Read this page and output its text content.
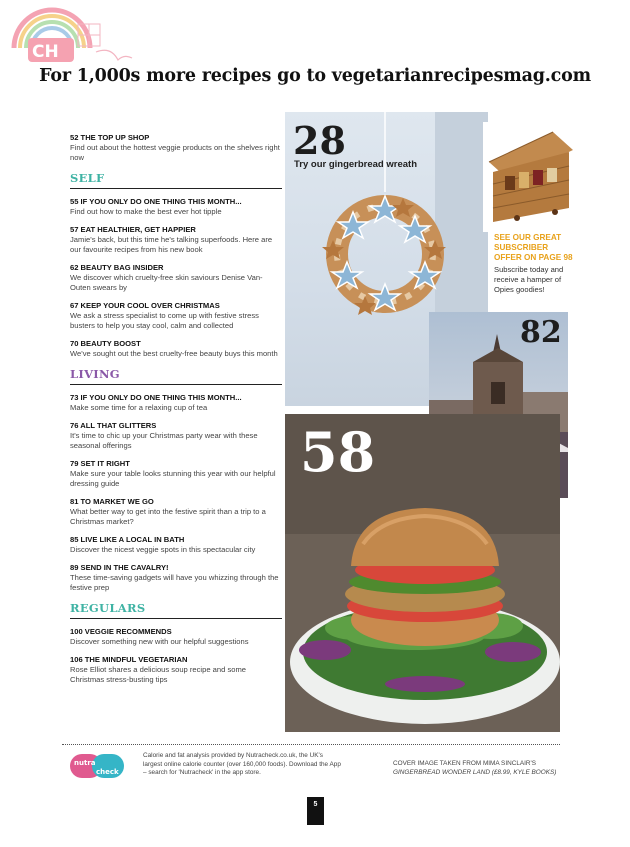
CH
For 1,000s more recipes go to vegetarianrecipesmag.com
52 THE TOP UP SHOP
Find out about the hottest veggie products on the shelves right now
SELF
55 IF YOU ONLY DO ONE THING THIS MONTH...
Find out how to make the best ever hot tipple
57 EAT HEALTHIER, GET HAPPIER
Jamie's back, but this time he's talking superfoods. Here are our favourite recipes from his new book
62 BEAUTY BAG INSIDER
We discover which cruelty-free skin saviours Denise Van-Outen swears by
67 KEEP YOUR COOL OVER CHRISTMAS
We ask a stress specialist to come up with festive stress busters to help you stay cool, calm and collected
70 BEAUTY BOOST
We've sought out the best cruelty-free beauty buys this month
LIVING
73 IF YOU ONLY DO ONE THING THIS MONTH...
Make some time for a relaxing cup of tea
76 ALL THAT GLITTERS
It's time to chic up your Christmas party wear with these seasonal offerings
79 SET IT RIGHT
Make sure your table looks stunning this year with our helpful dressing guide
81 TO MARKET WE GO
What better way to get into the festive spirit than a trip to a Christmas market?
85 LIVE LIKE A LOCAL IN BATH
Discover the nicest veggie spots in this spectacular city
89 SEND IN THE CAVALRY!
These time-saving gadgets will have you whizzing through the festive prep
REGULARS
100 VEGGIE RECOMMENDS
Discover something new with our helpful suggestions
106 THE MINDFUL VEGETARIAN
Rose Elliot shares a delicious soup recipe and some Christmas stress-busting tips
28
Try our gingerbread wreath
SEE OUR GREAT SUBSCRIBER OFFER ON PAGE 98
Subscribe today and receive a hamper of Opies goodies!
82
58
nutra
check
Calorie and fat analysis provided by Nutracheck.co.uk, the UK's largest online calorie counter (over 160,000 foods). Download the App – search for 'Nutracheck' in the app store.
COVER IMAGE TAKEN FROM MIMA SINCLAIR'S GINGERBREAD WONDER LAND (£8.99, KYLE BOOKS)
5
